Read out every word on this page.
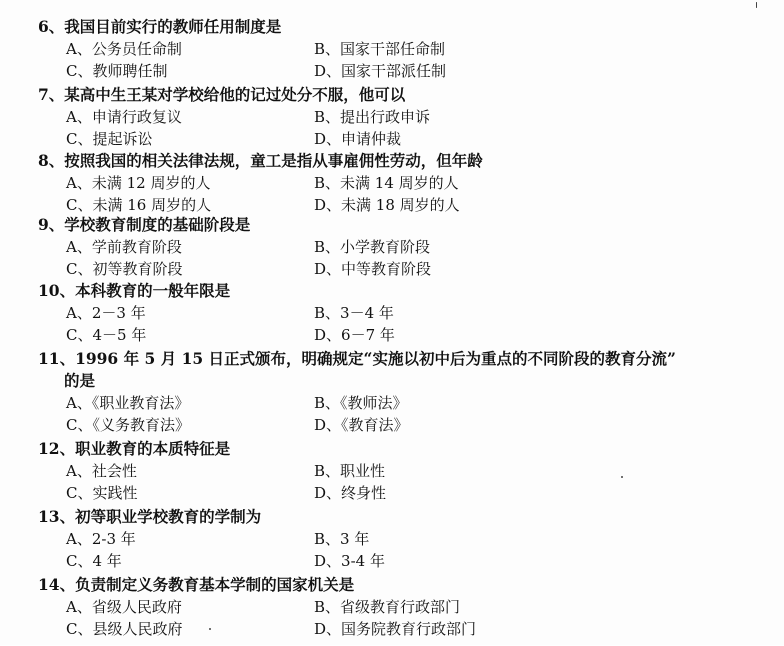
6、我国目前实行的教师任用制度是
A、公务员任命制	B、国家干部任命制
C、教师聘任制	D、国家干部派任制
7、某高中生王某对学校给他的记过处分不服，他可以
A、申请行政复议	B、提出行政申诉
C、提起诉讼	D、申请仲裁
8、按照我国的相关法律法规，童工是指从事雇佣性劳动，但年龄
A、未满 12 周岁的人	B、未满 14 周岁的人
C、未满 16 周岁的人	D、未满 18 周岁的人
9、学校教育制度的基础阶段是
A、学前教育阶段	B、小学教育阶段
C、初等教育阶段	D、中等教育阶段
10、本科教育的一般年限是
A、2－3 年	B、3－4 年
C、4－5 年	D、6－7 年
11、1996 年 5 月 15 日正式颁布，明确规定“实施以初中后为重点的不同阶段的教育分流”
的是
A、《职业教育法》	B、《教师法》
C、《义务教育法》	D、《教育法》
12、职业教育的本质特征是
A、社会性	B、职业性
C、实践性	D、终身性
13、初等职业学校教育的学制为
A、2-3 年	B、3 年
C、4 年	D、3-4 年
14、负责制定义务教育基本学制的国家机关是
A、省级人民政府	B、省级教育行政部门
C、县级人民政府	D、国务院教育行政部门
